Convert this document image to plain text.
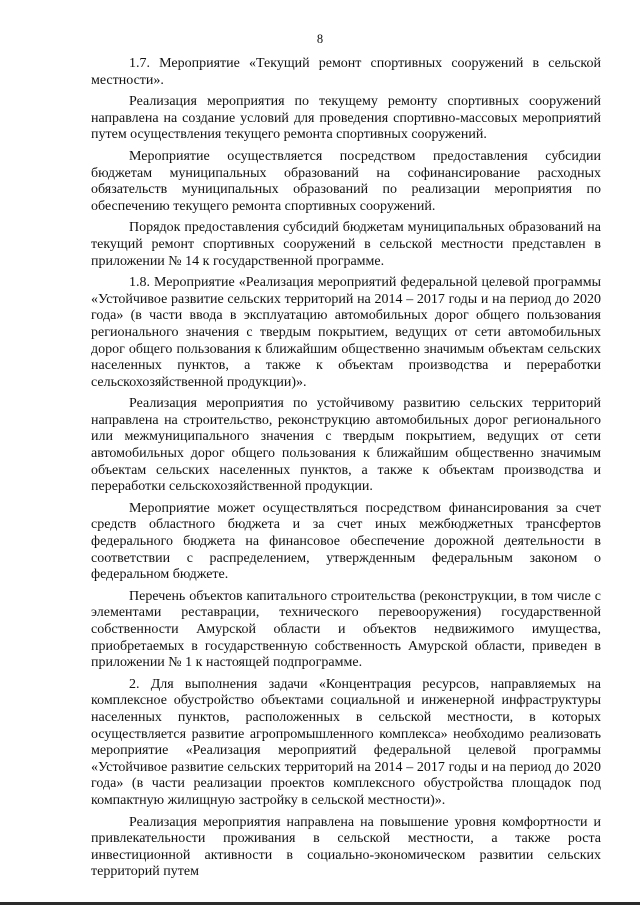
8

1.7. Мероприятие «Текущий ремонт спортивных сооружений в сельской местности».

Реализация мероприятия по текущему ремонту спортивных сооружений направлена на создание условий для проведения спортивно-массовых мероприятий путем осуществления текущего ремонта спортивных сооружений.

Мероприятие осуществляется посредством предоставления субсидии бюджетам муниципальных образований на софинансирование расходных обязательств муниципальных образований по реализации мероприятия по обеспечению текущего ремонта спортивных сооружений.

Порядок предоставления субсидий бюджетам муниципальных образований на текущий ремонт спортивных сооружений в сельской местности представлен в приложении № 14 к государственной программе.

1.8. Мероприятие «Реализация мероприятий федеральной целевой программы «Устойчивое развитие сельских территорий на 2014 – 2017 годы и на период до 2020 года» (в части ввода в эксплуатацию автомобильных дорог общего пользования регионального значения с твердым покрытием, ведущих от сети автомобильных дорог общего пользования к ближайшим общественно значимым объектам сельских населенных пунктов, а также к объектам производства и переработки сельскохозяйственной продукции)».

Реализация мероприятия по устойчивому развитию сельских территорий направлена на строительство, реконструкцию автомобильных дорог регионального или межмуниципального значения с твердым покрытием, ведущих от сети автомобильных дорог общего пользования к ближайшим общественно значимым объектам сельских населенных пунктов, а также к объектам производства и переработки сельскохозяйственной продукции.

Мероприятие может осуществляться посредством финансирования за счет средств областного бюджета и за счет иных межбюджетных трансфертов федерального бюджета на финансовое обеспечение дорожной деятельности в соответствии с распределением, утвержденным федеральным законом о федеральном бюджете.

Перечень объектов капитального строительства (реконструкции, в том числе с элементами реставрации, технического перевооружения) государственной собственности Амурской области и объектов недвижимого имущества, приобретаемых в государственную собственность Амурской области, приведен в приложении № 1 к настоящей подпрограмме.

2. Для выполнения задачи «Концентрация ресурсов, направляемых на комплексное обустройство объектами социальной и инженерной инфраструктуры населенных пунктов, расположенных в сельской местности, в которых осуществляется развитие агропромышленного комплекса» необходимо реализовать мероприятие «Реализация мероприятий федеральной целевой программы «Устойчивое развитие сельских территорий на 2014 – 2017 годы и на период до 2020 года» (в части реализации проектов комплексного обустройства площадок под компактную жилищную застройку в сельской местности)».

Реализация мероприятия направлена на повышение уровня комфортности и привлекательности проживания в сельской местности, а также роста инвестиционной активности в социально-экономическом развитии сельских территорий путем
